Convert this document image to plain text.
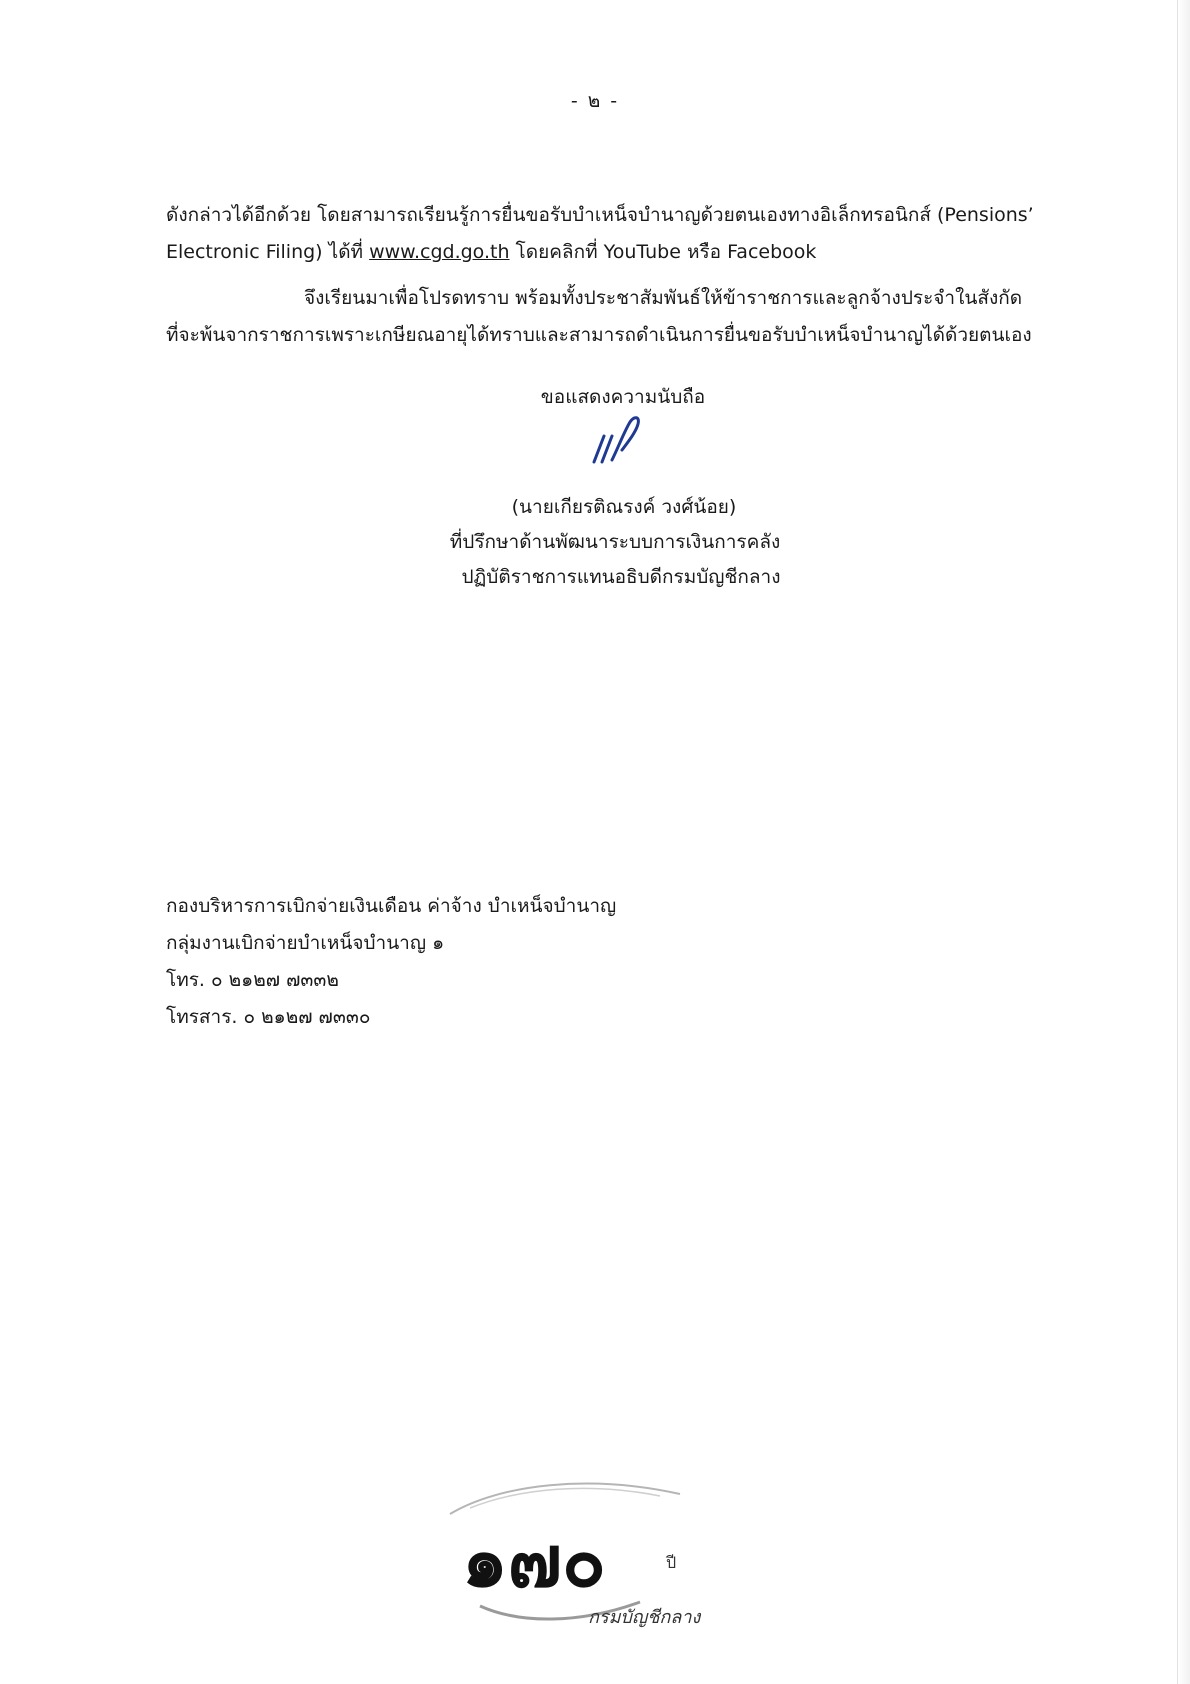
- ๒ -

ดังกล่าวได้อีกด้วย โดยสามารถเรียนรู้การยื่นขอรับบำเหน็จบำนาญด้วยตนเองทางอิเล็กทรอนิกส์ (Pensions’
Electronic Filing) ได้ที่ www.cgd.go.th โดยคลิกที่ YouTube หรือ Facebook

จึงเรียนมาเพื่อโปรดทราบ พร้อมทั้งประชาสัมพันธ์ให้ข้าราชการและลูกจ้างประจำในสังกัด
ที่จะพ้นจากราชการเพราะเกษียณอายุได้ทราบและสามารถดำเนินการยื่นขอรับบำเหน็จบำนาญได้ด้วยตนเอง

ขอแสดงความนับถือ
(นายเกียรติณรงค์ วงศ์น้อย)
ที่ปรึกษาด้านพัฒนาระบบการเงินการคลัง
ปฏิบัติราชการแทนอธิบดีกรมบัญชีกลาง
กองบริหารการเบิกจ่ายเงินเดือน ค่าจ้าง บำเหน็จบำนาญ
กลุ่มงานเบิกจ่ายบำเหน็จบำนาญ ๑
โทร. ๐ ๒๑๒๗ ๗๓๓๒
โทรสาร. ๐ ๒๑๒๗ ๗๓๓๐
๑๗๐	ปี
กรมบัญชีกลาง
